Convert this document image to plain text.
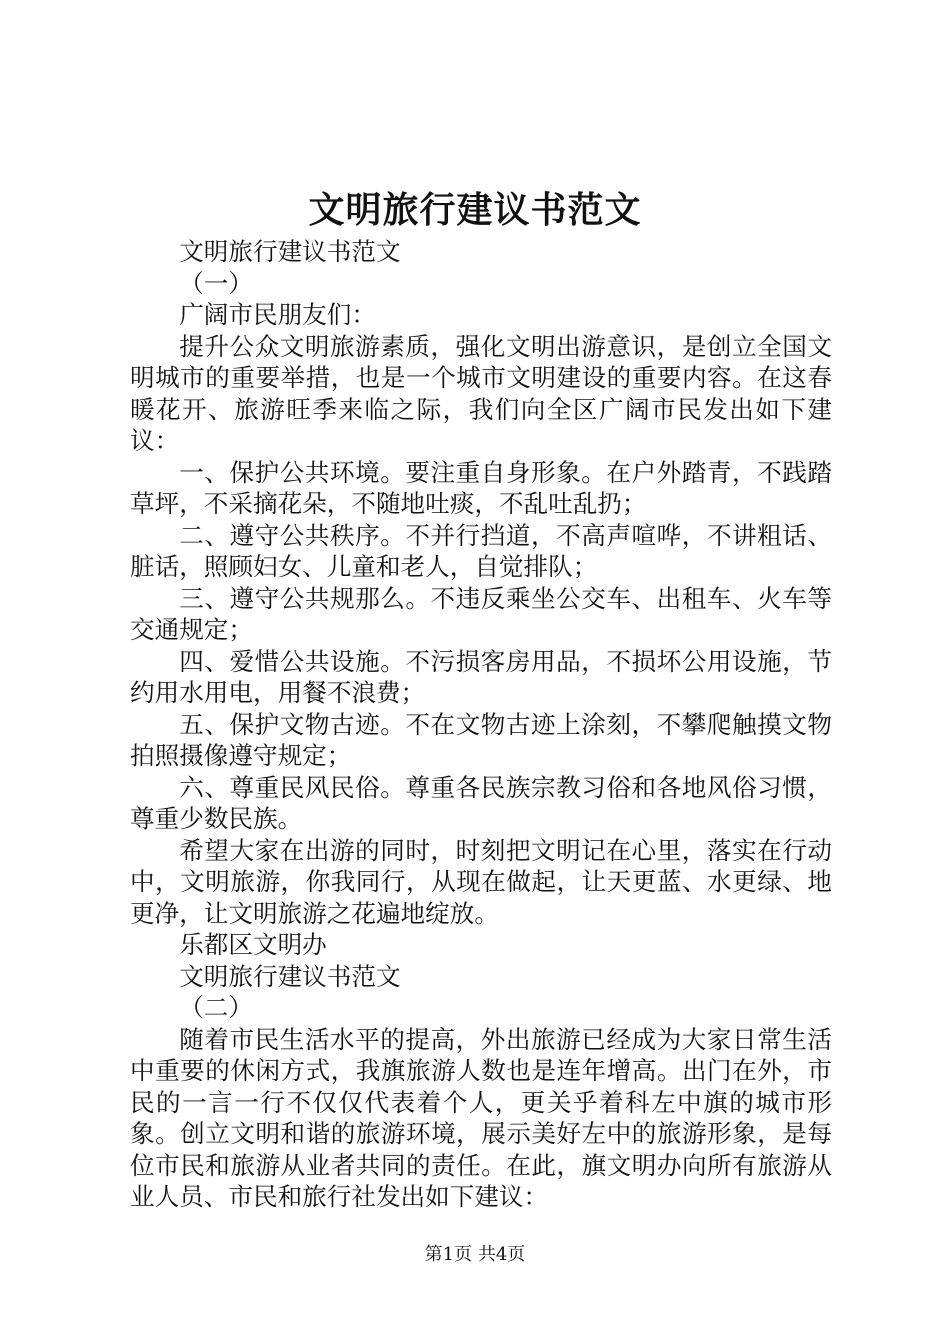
文明旅行建议书范文

文明旅行建议书范文

（一）

广阔市民朋友们：

提升公众文明旅游素质，强化文明出游意识，是创立全国文明城市的重要举措，也是一个城市文明建设的重要内容。在这春暖花开、旅游旺季来临之际，我们向全区广阔市民发出如下建议：

一、保护公共环境。要注重自身形象。在户外踏青，不践踏草坪，不采摘花朵，不随地吐痰，不乱吐乱扔；

二、遵守公共秩序。不并行挡道，不高声喧哗，不讲粗话、脏话，照顾妇女、儿童和老人，自觉排队；

三、遵守公共规那么。不违反乘坐公交车、出租车、火车等交通规定；

四、爱惜公共设施。不污损客房用品，不损坏公用设施，节约用水用电，用餐不浪费；

五、保护文物古迹。不在文物古迹上涂刻，不攀爬触摸文物拍照摄像遵守规定；

六、尊重民风民俗。尊重各民族宗教习俗和各地风俗习惯，尊重少数民族。

希望大家在出游的同时，时刻把文明记在心里，落实在行动中，文明旅游，你我同行，从现在做起，让天更蓝、水更绿、地更净，让文明旅游之花遍地绽放。

乐都区文明办

文明旅行建议书范文

（二）

随着市民生活水平的提高，外出旅游已经成为大家日常生活中重要的休闲方式，我旗旅游人数也是连年增高。出门在外，市民的一言一行不仅仅代表着个人，更关乎着科左中旗的城市形象。创立文明和谐的旅游环境，展示美好左中的旅游形象，是每位市民和旅游从业者共同的责任。在此，旗文明办向所有旅游从业人员、市民和旅行社发出如下建议：

第1页 共4页
